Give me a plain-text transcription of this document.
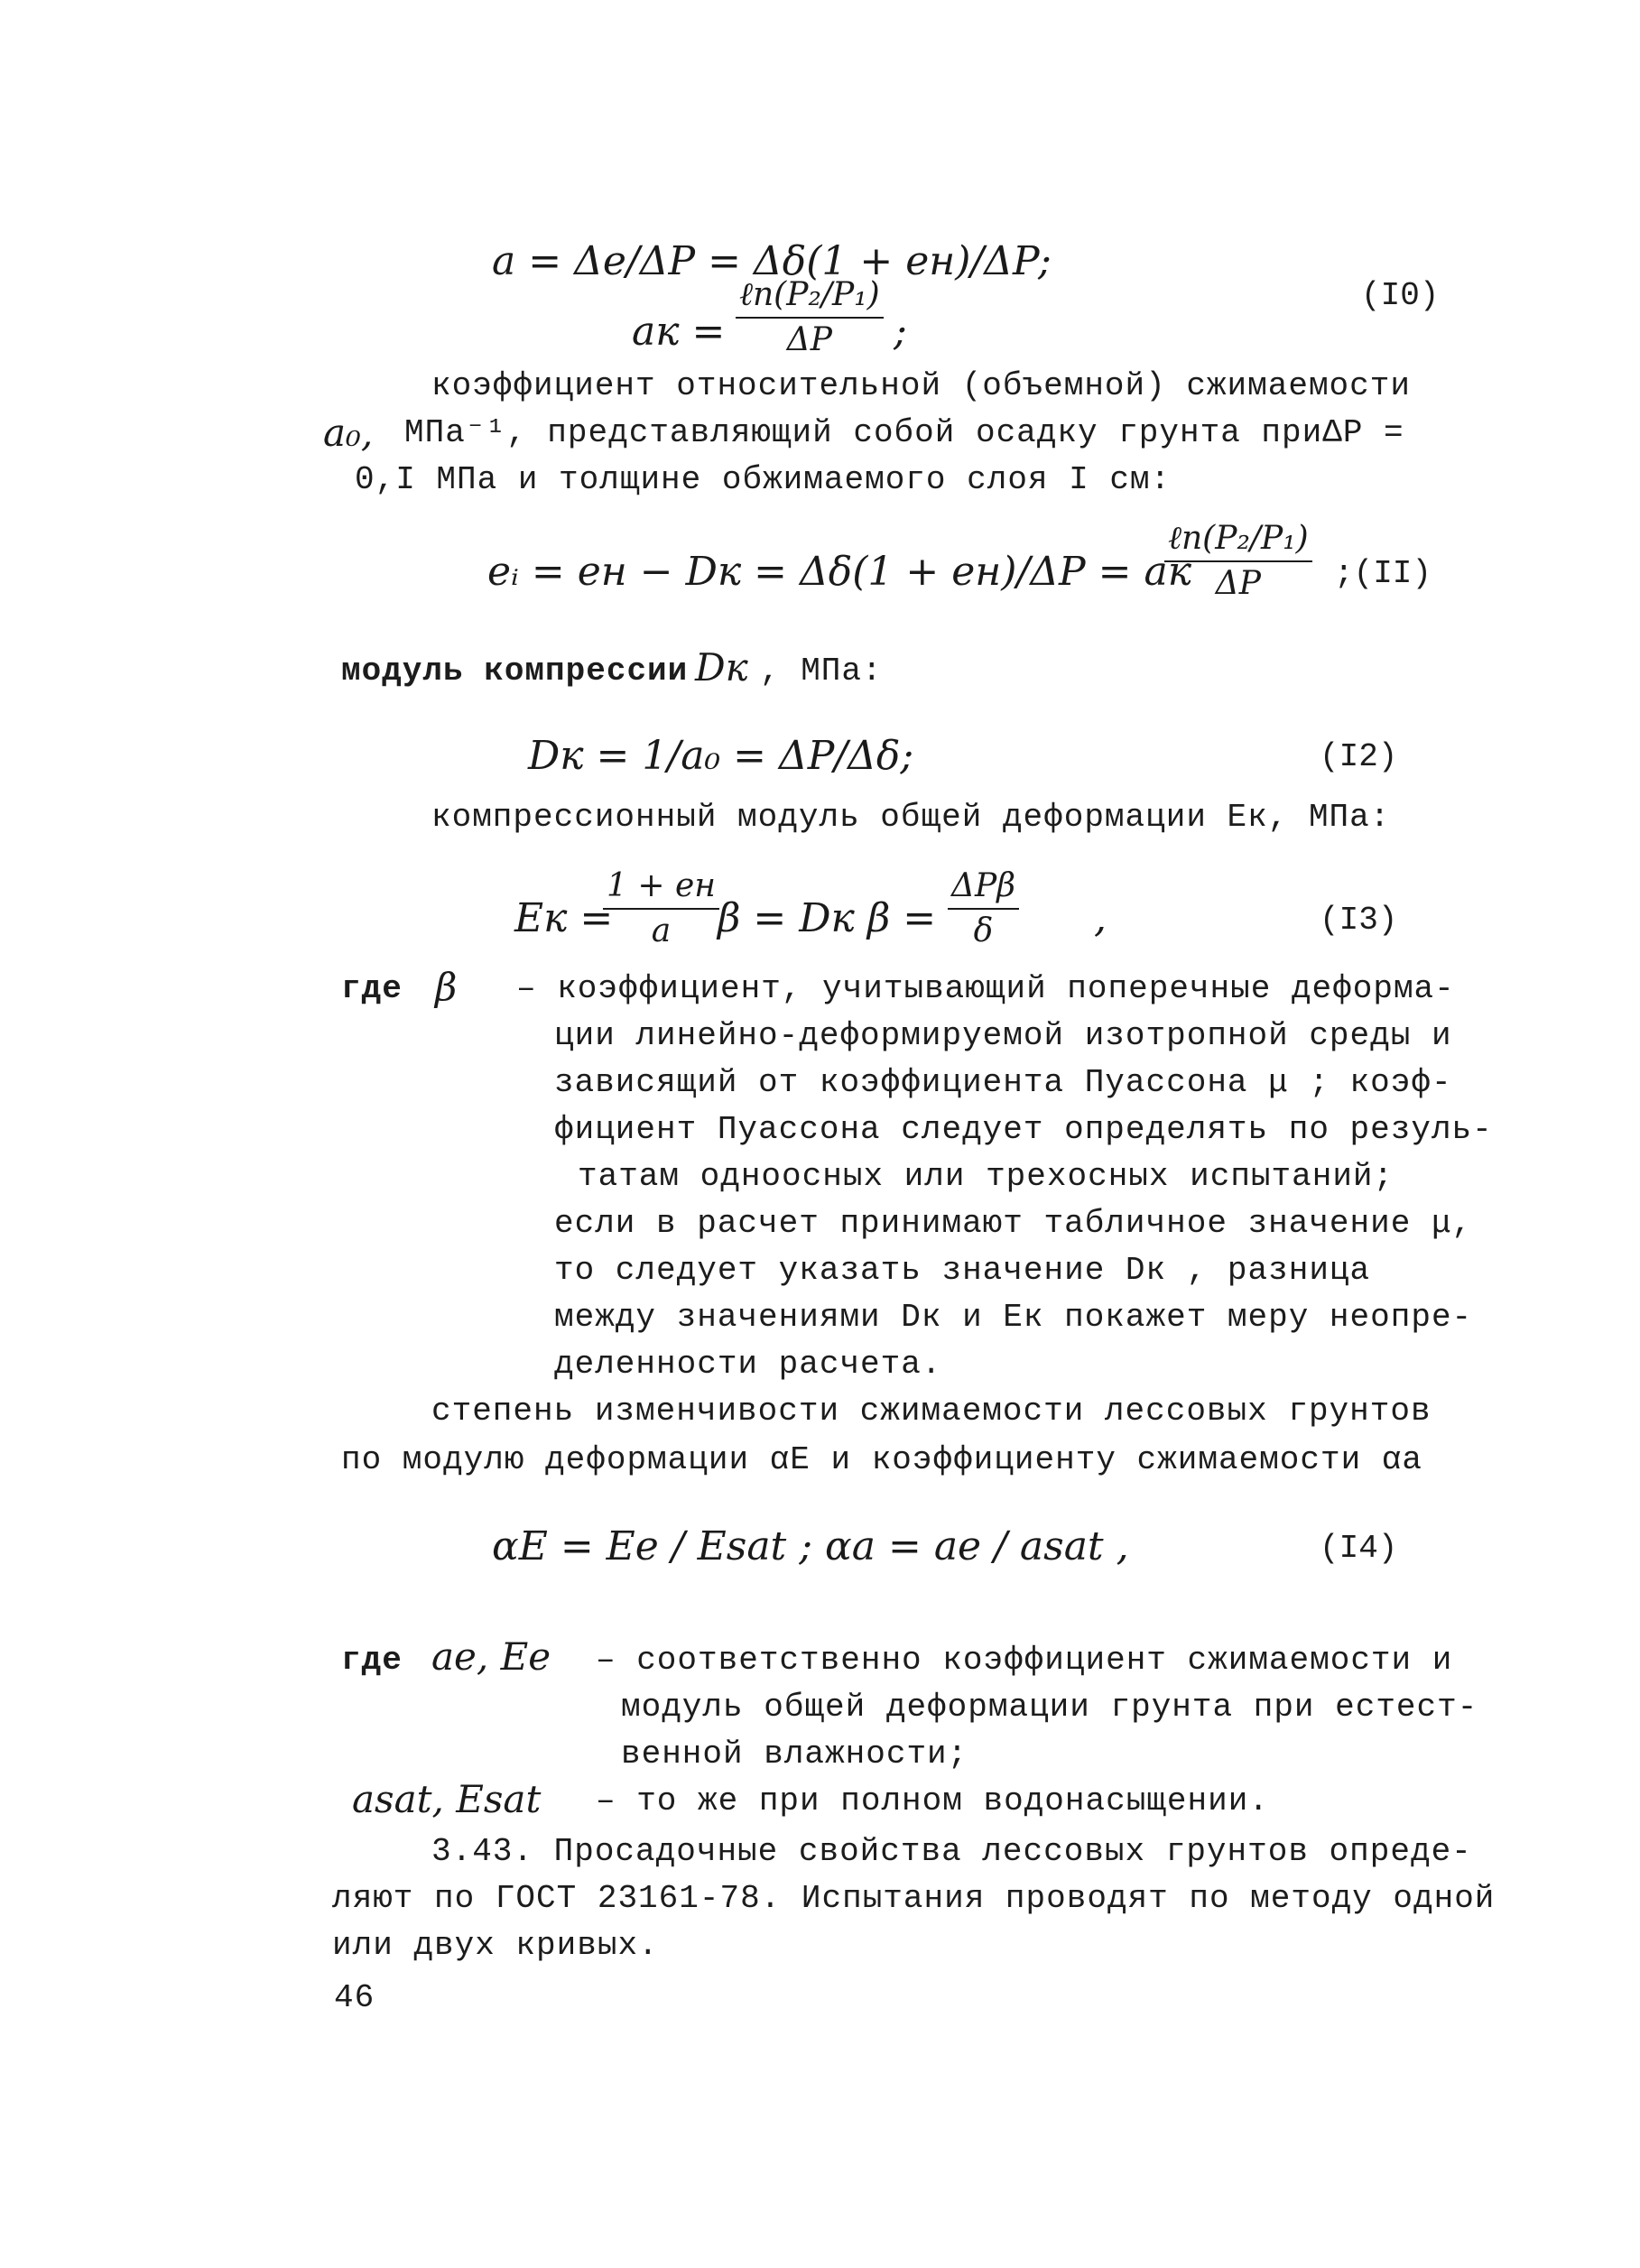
a = Δe/ΔP = Δδ(1 + eн)/ΔP;
aк =
ℓn(P₂/P₁)
ΔP ;
(I0)
коэффициент относительной (объемной) сжимаемости
a₀, МПа⁻¹, представляющий собой осадку грунта приΔP =
0,I МПа и толщине обжимаемого слоя I см:
eᵢ = eн − Dк = Δδ(1 + eн)/ΔP = aк
ℓn(P₂/P₁)
ΔP ;(II)
модуль компрессии Dк , МПа:
Dк = 1/a₀ = ΔP/Δδ;	(I2)
компрессионный модуль общей деформации Eк, МПа:
Eк =
1 + eн
a β = Dк β =
ΔPβ
δ	,	(I3)
где β – коэффициент, учитывающий поперечные деформа-
ции линейно-деформируемой изотропной среды и
зависящий от коэффициента Пуассона μ ; коэф-
фициент Пуассона следует определять по резуль-
татам одноосных или трехосных испытаний;
если в расчет принимают табличное значение μ,
то следует указать значение Dк , разница
между значениями Dк и Eк покажет меру неопре-
деленности расчета.
степень изменчивости сжимаемости лессовых грунтов
по модулю деформации αE и коэффициенту сжимаемости αa
αE = Ee / Esat ; αa = ae / asat ,	(I4)
где ae, Ee – соответственно коэффициент сжимаемости и
модуль общей деформации грунта при естест-
венной влажности;
asat, Esat – то же при полном водонасыщении.
3.43. Просадочные свойства лессовых грунтов опреде-
ляют по ГОСТ 23161-78. Испытания проводят по методу одной
или двух кривых.
46
